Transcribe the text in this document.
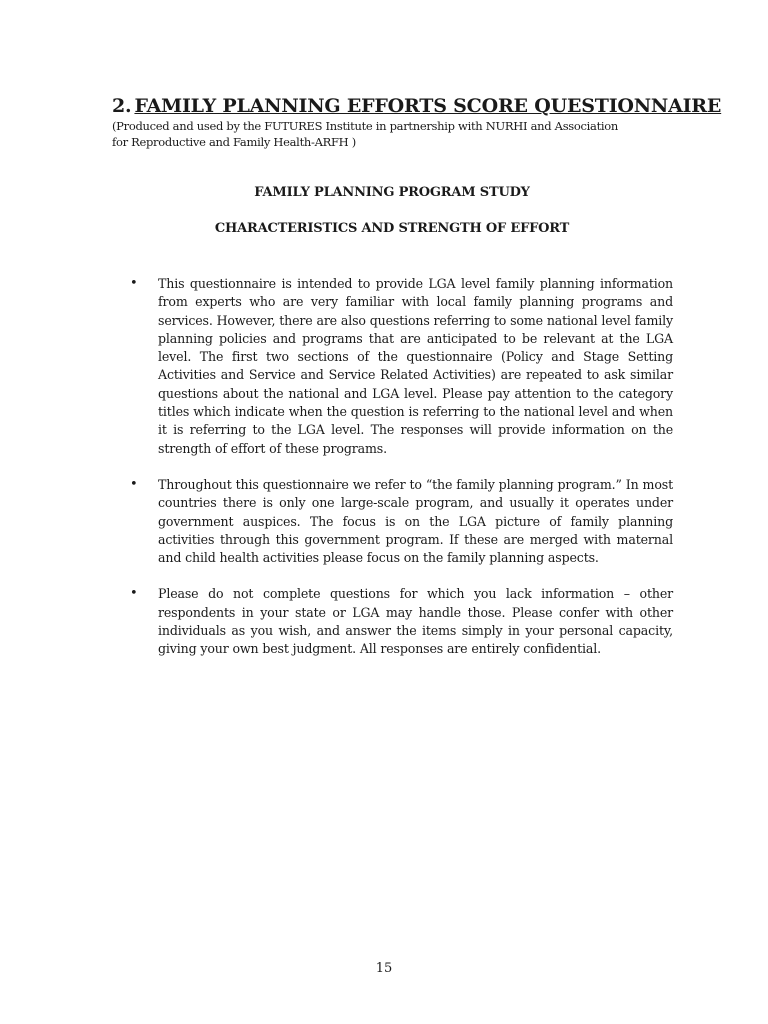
2. FAMILY PLANNING EFFORTS SCORE QUESTIONNAIRE
(Produced and used by the FUTURES Institute in partnership with NURHI and Association for Reproductive and Family Health-ARFH )
FAMILY PLANNING PROGRAM STUDY
CHARACTERISTICS AND STRENGTH OF EFFORT
• This questionnaire is intended to provide LGA level family planning information from experts who are very familiar with local family planning programs and services. However, there are also questions referring to some national level family planning policies and programs that are anticipated to be relevant at the LGA level. The first two sections of the questionnaire (Policy and Stage Setting Activities and Service and Service Related Activities) are repeated to ask similar questions about the national and LGA level. Please pay attention to the category titles which indicate when the question is referring to the national level and when it is referring to the LGA level. The responses will provide information on the strength of effort of these programs.
• Throughout this questionnaire we refer to “the family planning program.” In most countries there is only one large-scale program, and usually it operates under government auspices. The focus is on the LGA picture of family planning activities through this government program. If these are merged with maternal and child health activities please focus on the family planning aspects.
• Please do not complete questions for which you lack information – other respondents in your state or LGA may handle those. Please confer with other individuals as you wish, and answer the items simply in your personal capacity, giving your own best judgment. All responses are entirely confidential.
15
